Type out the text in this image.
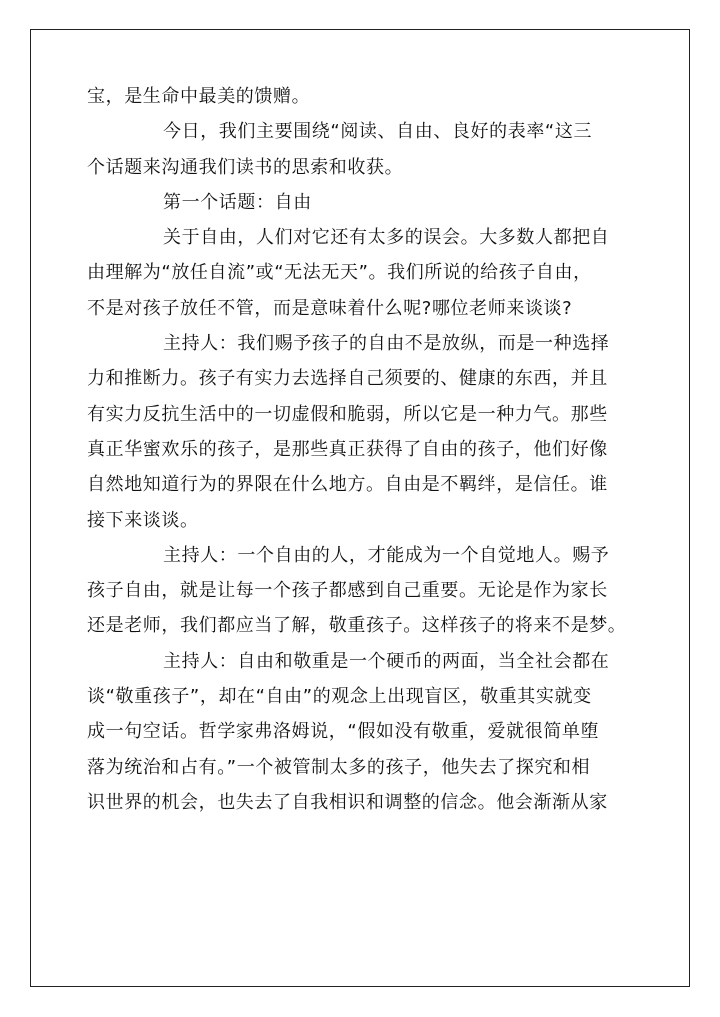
宝，是生命中最美的馈赠。
今日，我们主要围绕“阅读、自由、良好的表率“这三
个话题来沟通我们读书的思索和收获。
第一个话题：自由
关于自由，人们对它还有太多的误会。大多数人都把自
由理解为“放任自流”或“无法无天”。我们所说的给孩子自由，
不是对孩子放任不管，而是意味着什么呢?哪位老师来谈谈?
主持人：我们赐予孩子的自由不是放纵，而是一种选择
力和推断力。孩子有实力去选择自己须要的、健康的东西，并且
有实力反抗生活中的一切虚假和脆弱，所以它是一种力气。那些
真正华蜜欢乐的孩子，是那些真正获得了自由的孩子，他们好像
自然地知道行为的界限在什么地方。自由是不羁绊，是信任。谁
接下来谈谈。
主持人：一个自由的人，才能成为一个自觉地人。赐予
孩子自由，就是让每一个孩子都感到自己重要。无论是作为家长
还是老师，我们都应当了解，敬重孩子。这样孩子的将来不是梦。
主持人：自由和敬重是一个硬币的两面，当全社会都在
谈“敬重孩子”，却在“自由”的观念上出现盲区，敬重其实就变
成一句空话。哲学家弗洛姆说，“假如没有敬重，爱就很简单堕
落为统治和占有。”一个被管制太多的孩子，他失去了探究和相
识世界的机会，也失去了自我相识和调整的信念。他会渐渐从家
